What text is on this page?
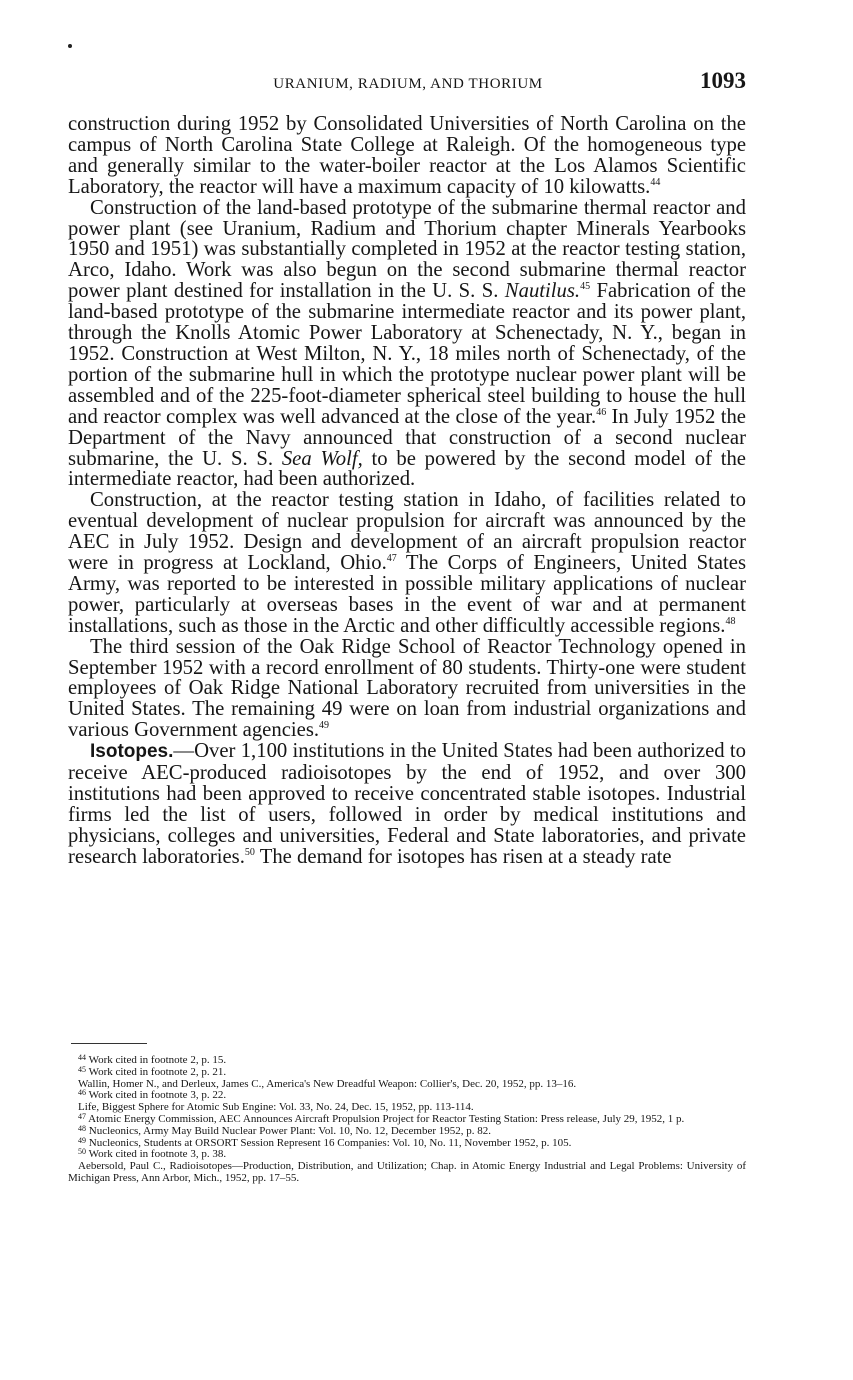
URANIUM, RADIUM, AND THORIUM	1093

construction during 1952 by Consolidated Universities of North Carolina on the campus of North Carolina State College at Raleigh. Of the homogeneous type and generally similar to the water-boiler reactor at the Los Alamos Scientific Laboratory, the reactor will have a maximum capacity of 10 kilowatts.$^{44}$

Construction of the land-based prototype of the submarine thermal reactor and power plant (see Uranium, Radium and Thorium chapter Minerals Yearbooks 1950 and 1951) was substantially completed in 1952 at the reactor testing station, Arco, Idaho. Work was also begun on the second submarine thermal reactor power plant destined for installation in the U. S. S. Nautilus.$^{45}$ Fabrication of the land-based prototype of the submarine intermediate reactor and its power plant, through the Knolls Atomic Power Laboratory at Schenectady, N. Y., began in 1952. Construction at West Milton, N. Y., 18 miles north of Schenectady, of the portion of the submarine hull in which the prototype nuclear power plant will be assembled and of the 225-foot-diameter spherical steel building to house the hull and reactor complex was well advanced at the close of the year.$^{46}$ In July 1952 the Department of the Navy announced that construction of a second nuclear submarine, the U. S. S. Sea Wolf, to be powered by the second model of the intermediate reactor, had been authorized.

Construction, at the reactor testing station in Idaho, of facilities related to eventual development of nuclear propulsion for aircraft was announced by the AEC in July 1952. Design and development of an aircraft propulsion reactor were in progress at Lockland, Ohio.$^{47}$ The Corps of Engineers, United States Army, was reported to be interested in possible military applications of nuclear power, particularly at overseas bases in the event of war and at permanent installations, such as those in the Arctic and other difficultly accessible regions.$^{48}$

The third session of the Oak Ridge School of Reactor Technology opened in September 1952 with a record enrollment of 80 students. Thirty-one were student employees of Oak Ridge National Laboratory recruited from universities in the United States. The remaining 49 were on loan from industrial organizations and various Government agencies.$^{49}$

Isotopes.—Over 1,100 institutions in the United States had been authorized to receive AEC-produced radioisotopes by the end of 1952, and over 300 institutions had been approved to receive concentrated stable isotopes. Industrial firms led the list of users, followed in order by medical institutions and physicians, colleges and universities, Federal and State laboratories, and private research laboratories.$^{50}$ The demand for isotopes has risen at a steady rate

$^{44}$ Work cited in footnote 2, p. 15.

$^{45}$ Work cited in footnote 2, p. 21.

Wallin, Homer N., and Derleux, James C., America's New Dreadful Weapon: Collier's, Dec. 20, 1952, pp. 13–16.

$^{46}$ Work cited in footnote 3, p. 22.

Life, Biggest Sphere for Atomic Sub Engine: Vol. 33, No. 24, Dec. 15, 1952, pp. 113-114.

$^{47}$ Atomic Energy Commission, AEC Announces Aircraft Propulsion Project for Reactor Testing Station: Press release, July 29, 1952, 1 p.

$^{48}$ Nucleonics, Army May Build Nuclear Power Plant: Vol. 10, No. 12, December 1952, p. 82.

$^{49}$ Nucleonics, Students at ORSORT Session Represent 16 Companies: Vol. 10, No. 11, November 1952, p. 105.

$^{50}$ Work cited in footnote 3, p. 38.

Aebersold, Paul C., Radioisotopes—Production, Distribution, and Utilization; Chap. in Atomic Energy Industrial and Legal Problems: University of Michigan Press, Ann Arbor, Mich., 1952, pp. 17–55.
